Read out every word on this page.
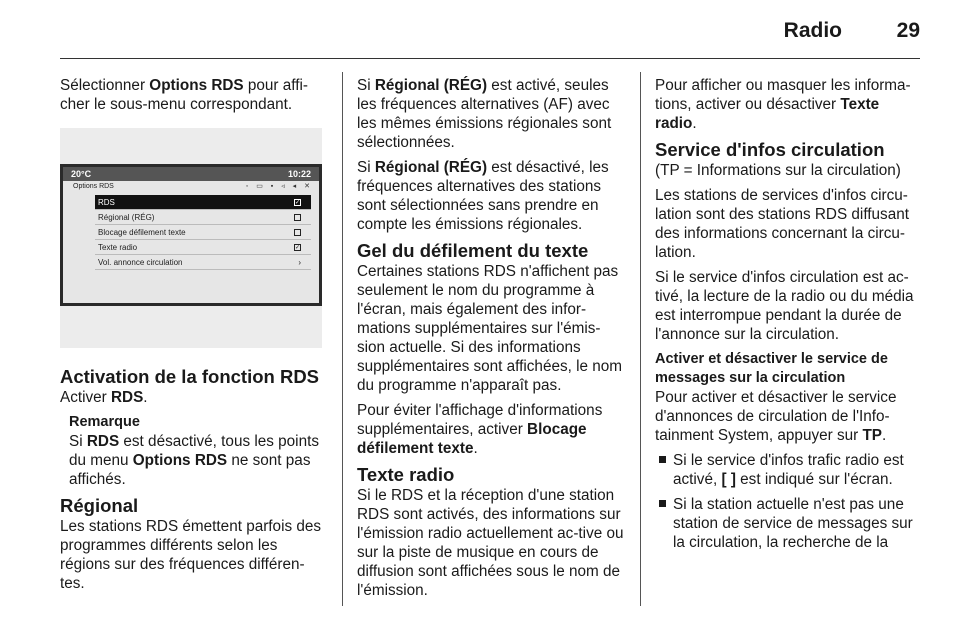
Radio	29

Sélectionner Options RDS pour affi-cher le sous-menu correspondant.

20°C	10:22
Options RDS	◦ ▭ ▪ ◃ ◂ ✕
RDS	✓
Régional (RÉG)
Blocage défilement texte
Texte radio	✓
Vol. annonce circulation	›
Activation de la fonction RDS

Activer RDS.

Remarque

Si RDS est désactivé, tous les points du menu Options RDS ne sont pas affichés.

Régional

Les stations RDS émettent parfois des programmes différents selon les régions sur des fréquences différen-tes.

Si Régional (RÉG) est activé, seules les fréquences alternatives (AF) avec les mêmes émissions régionales sont sélectionnées.

Si Régional (RÉG) est désactivé, les fréquences alternatives des stations sont sélectionnées sans prendre en compte les émissions régionales.

Gel du défilement du texte

Certaines stations RDS n'affichent pas seulement le nom du programme à l'écran, mais également des infor-mations supplémentaires sur l'émis-sion actuelle. Si des informations supplémentaires sont affichées, le nom du programme n'apparaît pas.

Pour éviter l'affichage d'informations supplémentaires, activer Blocage défilement texte.

Texte radio

Si le RDS et la réception d'une station RDS sont activés, des informations sur l'émission radio actuellement ac-tive ou sur la piste de musique en cours de diffusion sont affichées sous le nom de l'émission.

Pour afficher ou masquer les informa-tions, activer ou désactiver Texte radio.

Service d'infos circulation

(TP = Informations sur la circulation)

Les stations de services d'infos circu-lation sont des stations RDS diffusant des informations concernant la circu-lation.

Si le service d'infos circulation est ac-tivé, la lecture de la radio ou du média est interrompue pendant la durée de l'annonce sur la circulation.

Activer et désactiver le service de messages sur la circulation

Pour activer et désactiver le service d'annonces de circulation de l'Info-tainment System, appuyer sur TP.

Si le service d'infos trafic radio est activé, [ ] est indiqué sur l'écran.
Si la station actuelle n'est pas une station de service de messages sur la circulation, la recherche de la
